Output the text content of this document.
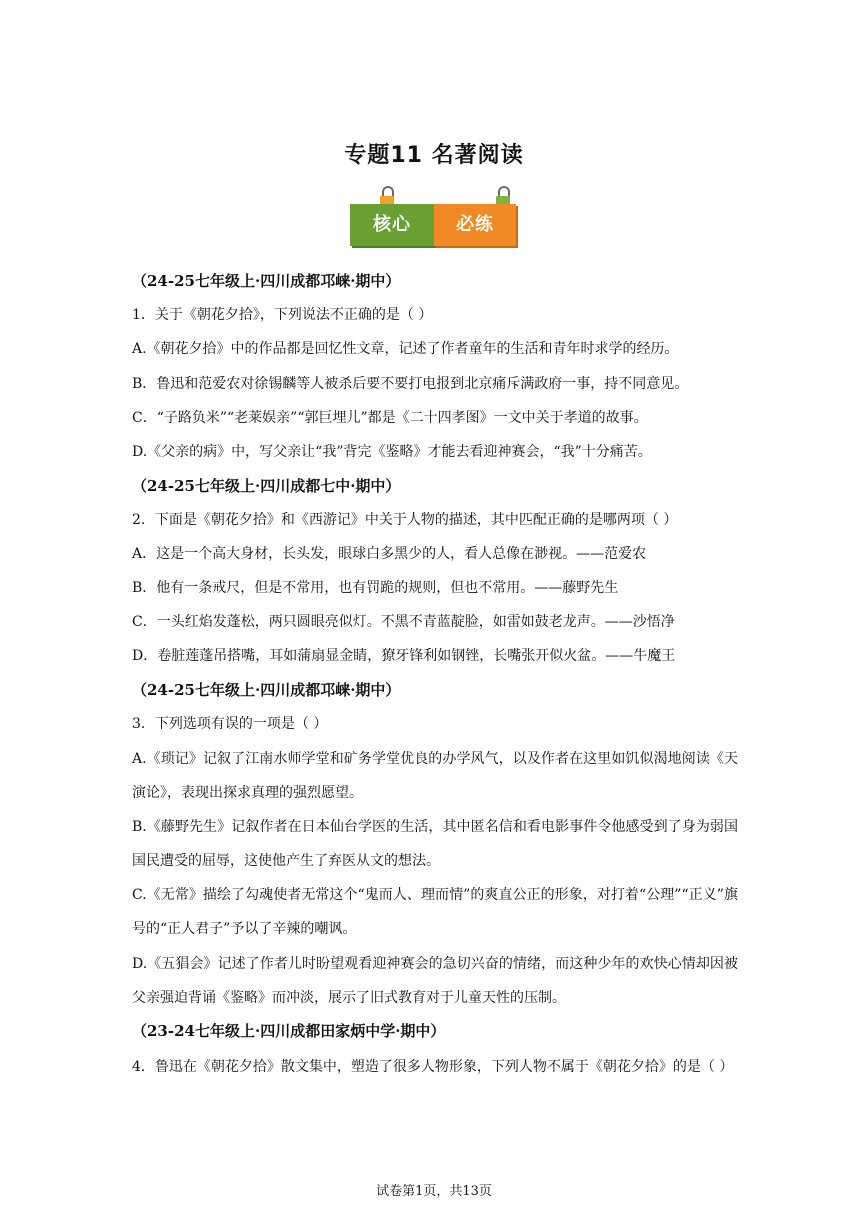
专题11 名著阅读
核心	必练
（24-25七年级上·四川成都邛崃·期中）
1．关于《朝花夕拾》，下列说法不正确的是（ ）
A.《朝花夕拾》中的作品都是回忆性文章，记述了作者童年的生活和青年时求学的经历。
B．鲁迅和范爱农对徐锡麟等人被杀后要不要打电报到北京痛斥满政府一事，持不同意见。
C．“子路负米”“老莱娱亲”“郭巨埋儿”都是《二十四孝图》一文中关于孝道的故事。
D.《父亲的病》中，写父亲让“我”背完《鉴略》才能去看迎神赛会，“我”十分痛苦。
（24-25七年级上·四川成都七中·期中）
2．下面是《朝花夕拾》和《西游记》中关于人物的描述，其中匹配正确的是哪两项（ ）
A．这是一个高大身材，长头发，眼球白多黑少的人，看人总像在渺视。——范爱农
B．他有一条戒尺，但是不常用，也有罚跪的规则，但也不常用。——藤野先生
C．一头红焰发蓬松，两只圆眼亮似灯。不黑不青蓝靛脸，如雷如鼓老龙声。——沙悟净
D．卷脏莲蓬吊搭嘴，耳如蒲扇显金睛，獠牙锋利如钢锉，长嘴张开似火盆。——牛魔王
（24-25七年级上·四川成都邛崃·期中）
3．下列选项有误的一项是（ ）
A.《琐记》记叙了江南水师学堂和矿务学堂优良的办学风气，以及作者在这里如饥似渴地阅读《天演论》，表现出探求真理的强烈愿望。
B.《藤野先生》记叙作者在日本仙台学医的生活，其中匿名信和看电影事件令他感受到了身为弱国国民遭受的屈辱，这使他产生了弃医从文的想法。
C.《无常》描绘了勾魂使者无常这个“鬼而人、理而情”的爽直公正的形象，对打着“公理”“正义”旗号的“正人君子”予以了辛辣的嘲讽。
D.《五猖会》记述了作者儿时盼望观看迎神赛会的急切兴奋的情绪，而这种少年的欢快心情却因被父亲强迫背诵《鉴略》而冲淡，展示了旧式教育对于儿童天性的压制。
（23-24七年级上·四川成都田家炳中学·期中）
4．鲁迅在《朝花夕拾》散文集中，塑造了很多人物形象，下列人物不属于《朝花夕拾》的是（ ）
试卷第1页，共13页
